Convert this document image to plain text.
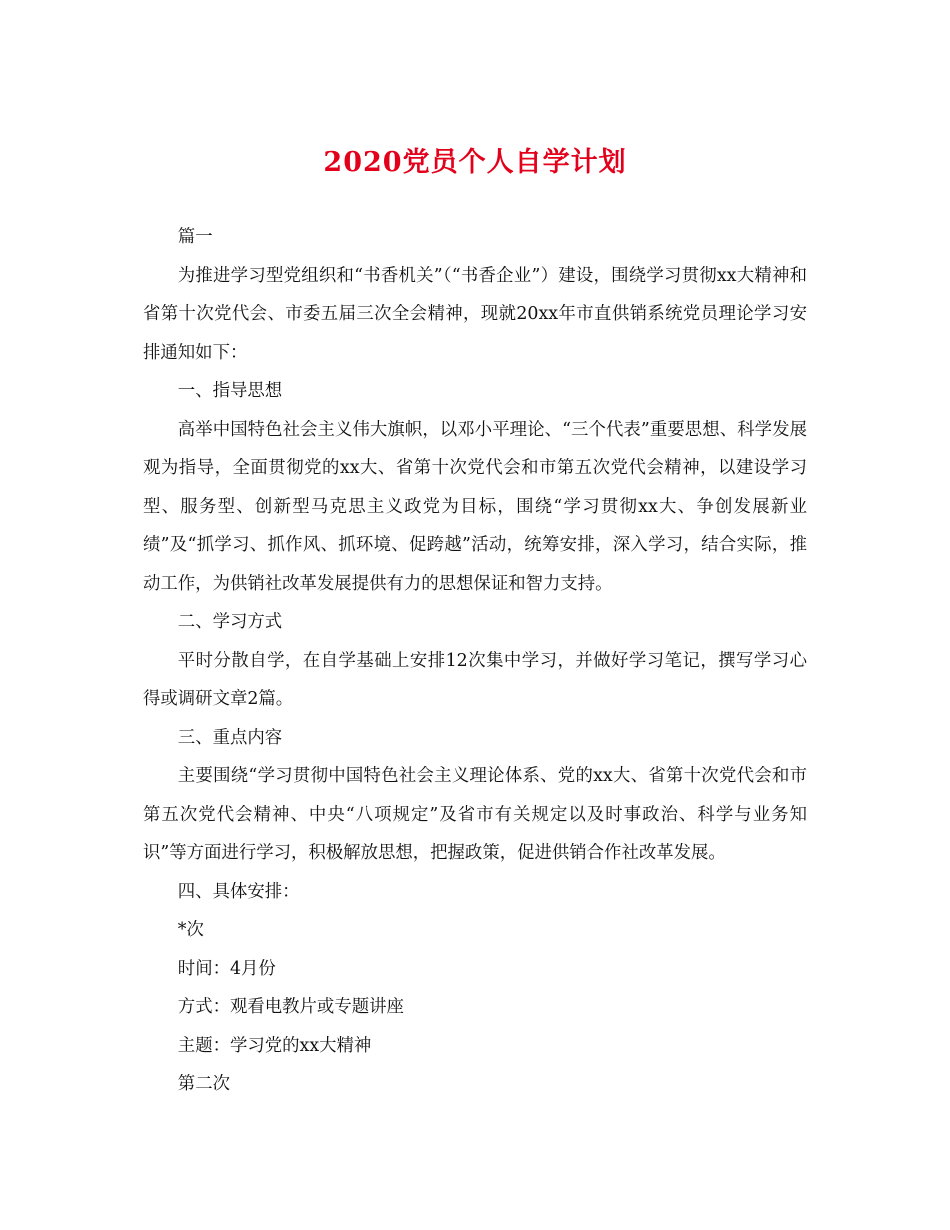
2020党员个人自学计划

篇一

为推进学习型党组织和“书香机关”（“书香企业”）建设，围绕学习贯彻xx大精神和省第十次党代会、市委五届三次全会精神，现就20xx年市直供销系统党员理论学习安排通知如下：

一、指导思想

高举中国特色社会主义伟大旗帜，以邓小平理论、“三个代表”重要思想、科学发展观为指导，全面贯彻党的xx大、省第十次党代会和市第五次党代会精神，以建设学习型、服务型、创新型马克思主义政党为目标，围绕“学习贯彻xx大、争创发展新业绩”及“抓学习、抓作风、抓环境、促跨越”活动，统筹安排，深入学习，结合实际，推动工作，为供销社改革发展提供有力的思想保证和智力支持。

二、学习方式

平时分散自学，在自学基础上安排12次集中学习，并做好学习笔记，撰写学习心得或调研文章2篇。

三、重点内容

主要围绕“学习贯彻中国特色社会主义理论体系、党的xx大、省第十次党代会和市第五次党代会精神、中央“八项规定”及省市有关规定以及时事政治、科学与业务知识”等方面进行学习，积极解放思想，把握政策，促进供销合作社改革发展。

四、具体安排：

*次

时间：4月份

方式：观看电教片或专题讲座

主题：学习党的xx大精神

第二次
